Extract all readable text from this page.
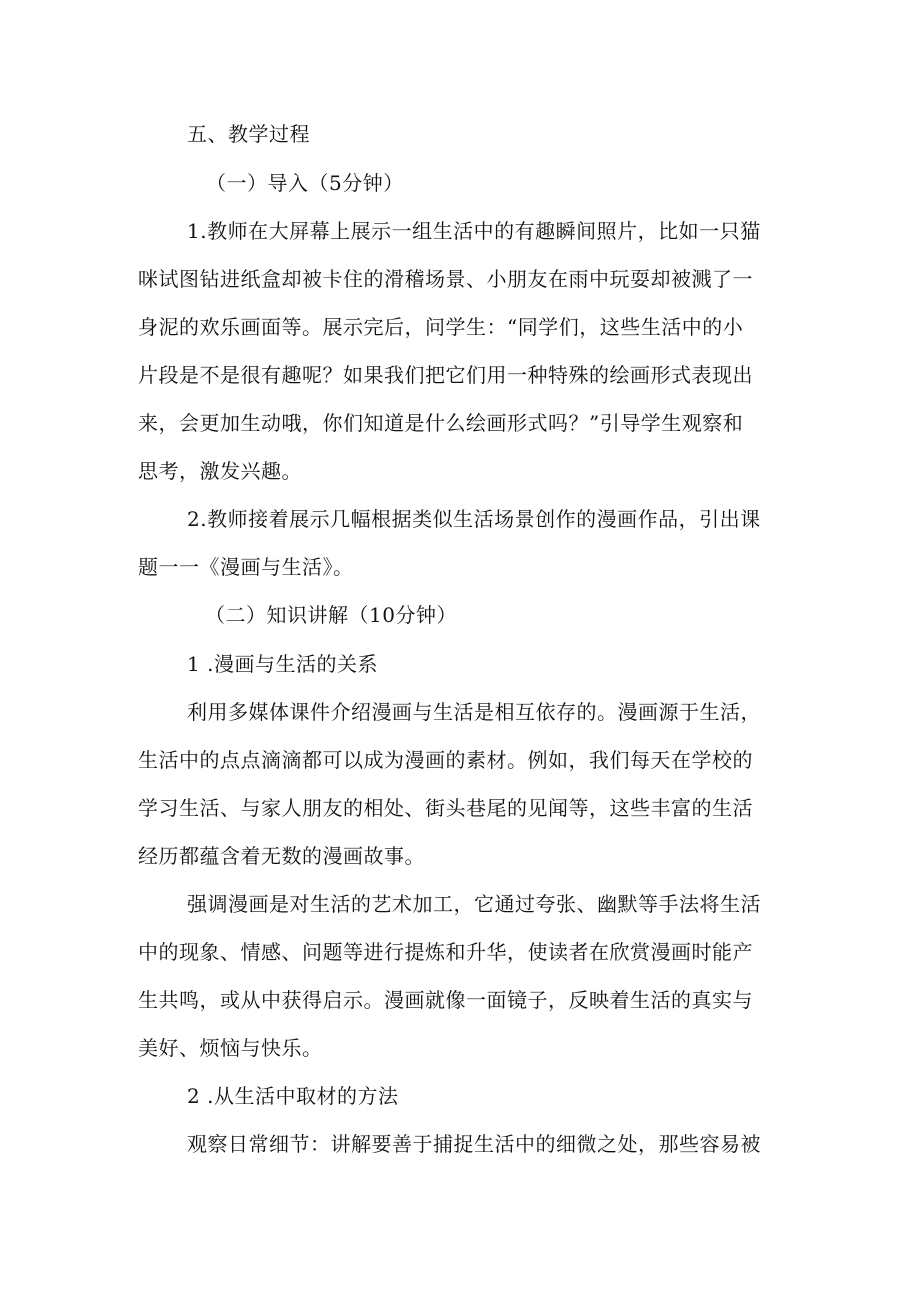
五、教学过程
（一）导入（5分钟）
1.教师在大屏幕上展示一组生活中的有趣瞬间照片，比如一只猫
咪试图钻进纸盒却被卡住的滑稽场景、小朋友在雨中玩耍却被溅了一
身泥的欢乐画面等。展示完后，问学生：“同学们，这些生活中的小
片段是不是很有趣呢？如果我们把它们用一种特殊的绘画形式表现出
来，会更加生动哦，你们知道是什么绘画形式吗？”引导学生观察和
思考，激发兴趣。
2.教师接着展示几幅根据类似生活场景创作的漫画作品，引出课
题一一《漫画与生活》。
（二）知识讲解（10分钟）
1 .漫画与生活的关系
利用多媒体课件介绍漫画与生活是相互依存的。漫画源于生活，
生活中的点点滴滴都可以成为漫画的素材。例如，我们每天在学校的
学习生活、与家人朋友的相处、街头巷尾的见闻等，这些丰富的生活
经历都蕴含着无数的漫画故事。
强调漫画是对生活的艺术加工，它通过夸张、幽默等手法将生活
中的现象、情感、问题等进行提炼和升华，使读者在欣赏漫画时能产
生共鸣，或从中获得启示。漫画就像一面镜子，反映着生活的真实与
美好、烦恼与快乐。
2 .从生活中取材的方法
观察日常细节：讲解要善于捕捉生活中的细微之处，那些容易被
